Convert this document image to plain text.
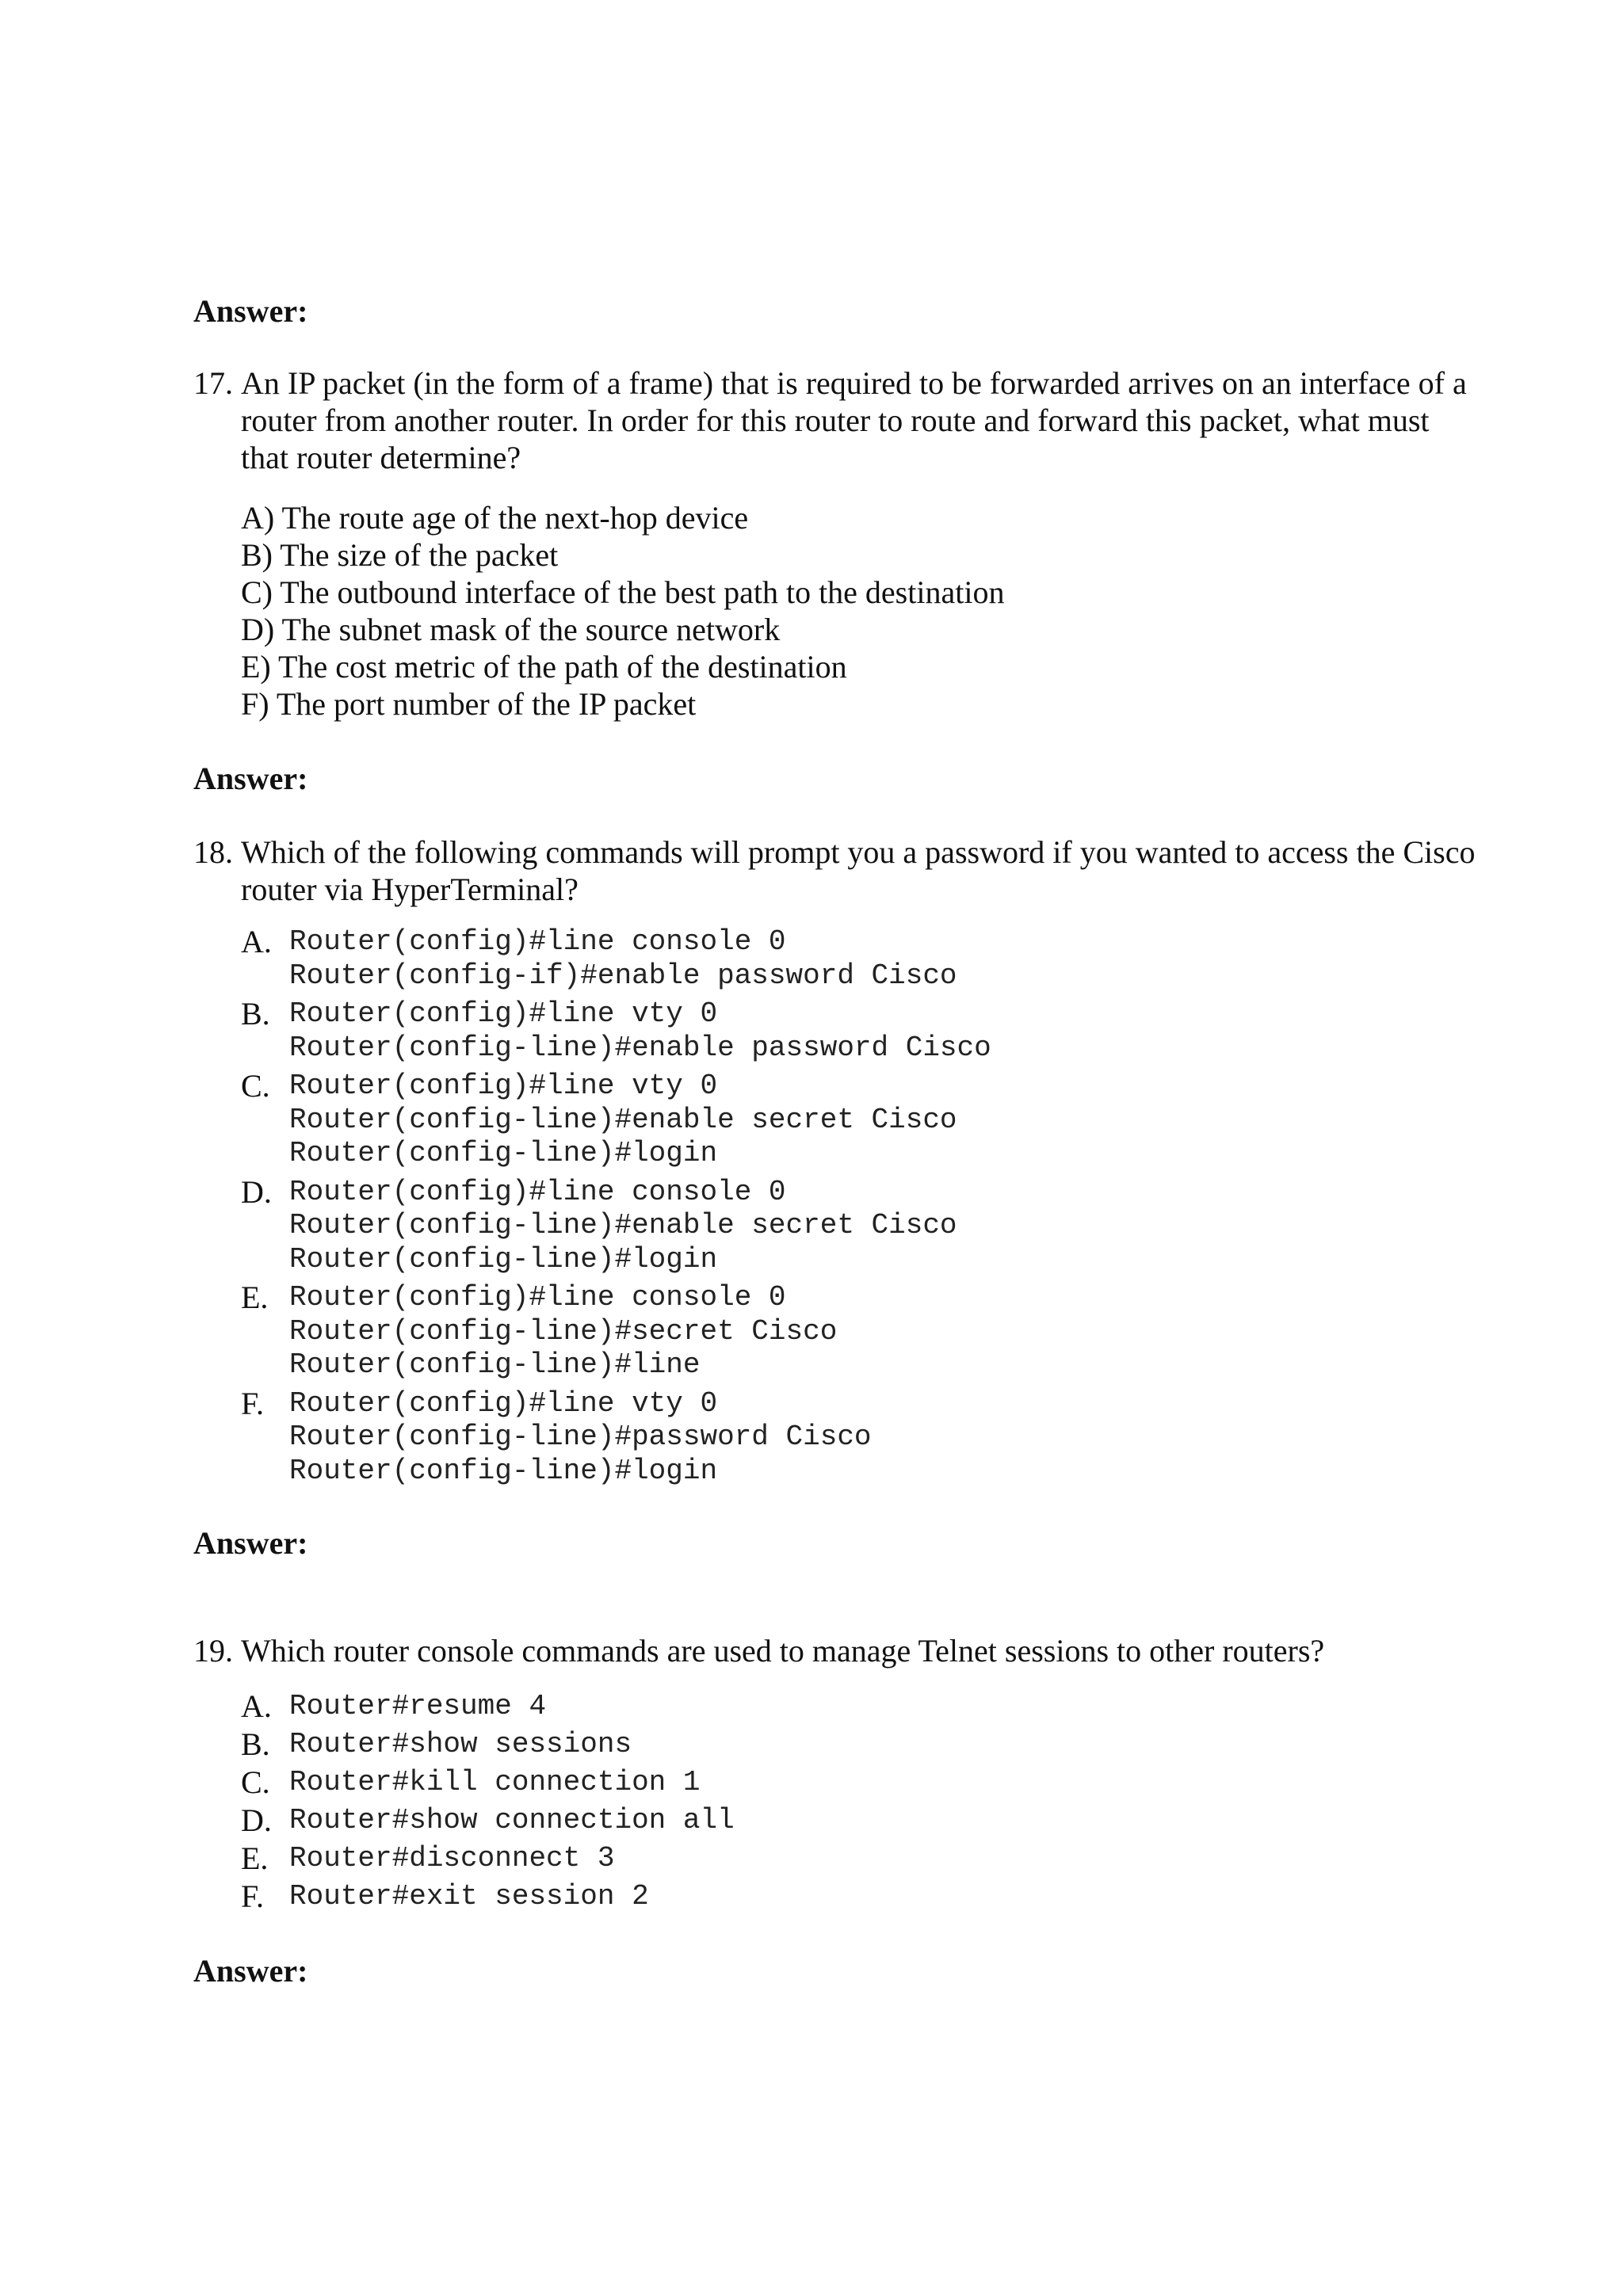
Answer:

17. An IP packet (in the form of a frame) that is required to be forwarded arrives on an interface of a router from another router. In order for this router to route and forward this packet, what must that router determine?
A) The route age of the next-hop device
B) The size of the packet
C) The outbound interface of the best path to the destination
D) The subnet mask of the source network
E) The cost metric of the path of the destination
F) The port number of the IP packet

Answer:

18. Which of the following commands will prompt you a password if you wanted to access the Cisco router via HyperTerminal?
A. Router(config)#line console 0
Router(config-if)#enable password Cisco
B. Router(config)#line vty 0
Router(config-line)#enable password Cisco
C. Router(config)#line vty 0
Router(config-line)#enable secret Cisco
Router(config-line)#login
D. Router(config)#line console 0
Router(config-line)#enable secret Cisco
Router(config-line)#login
E. Router(config)#line console 0
Router(config-line)#secret Cisco
Router(config-line)#line
F. Router(config)#line vty 0
Router(config-line)#password Cisco
Router(config-line)#login

Answer:

19. Which router console commands are used to manage Telnet sessions to other routers?
A. Router#resume 4
B. Router#show sessions
C. Router#kill connection 1
D. Router#show connection all
E. Router#disconnect 3
F. Router#exit session 2

Answer:
